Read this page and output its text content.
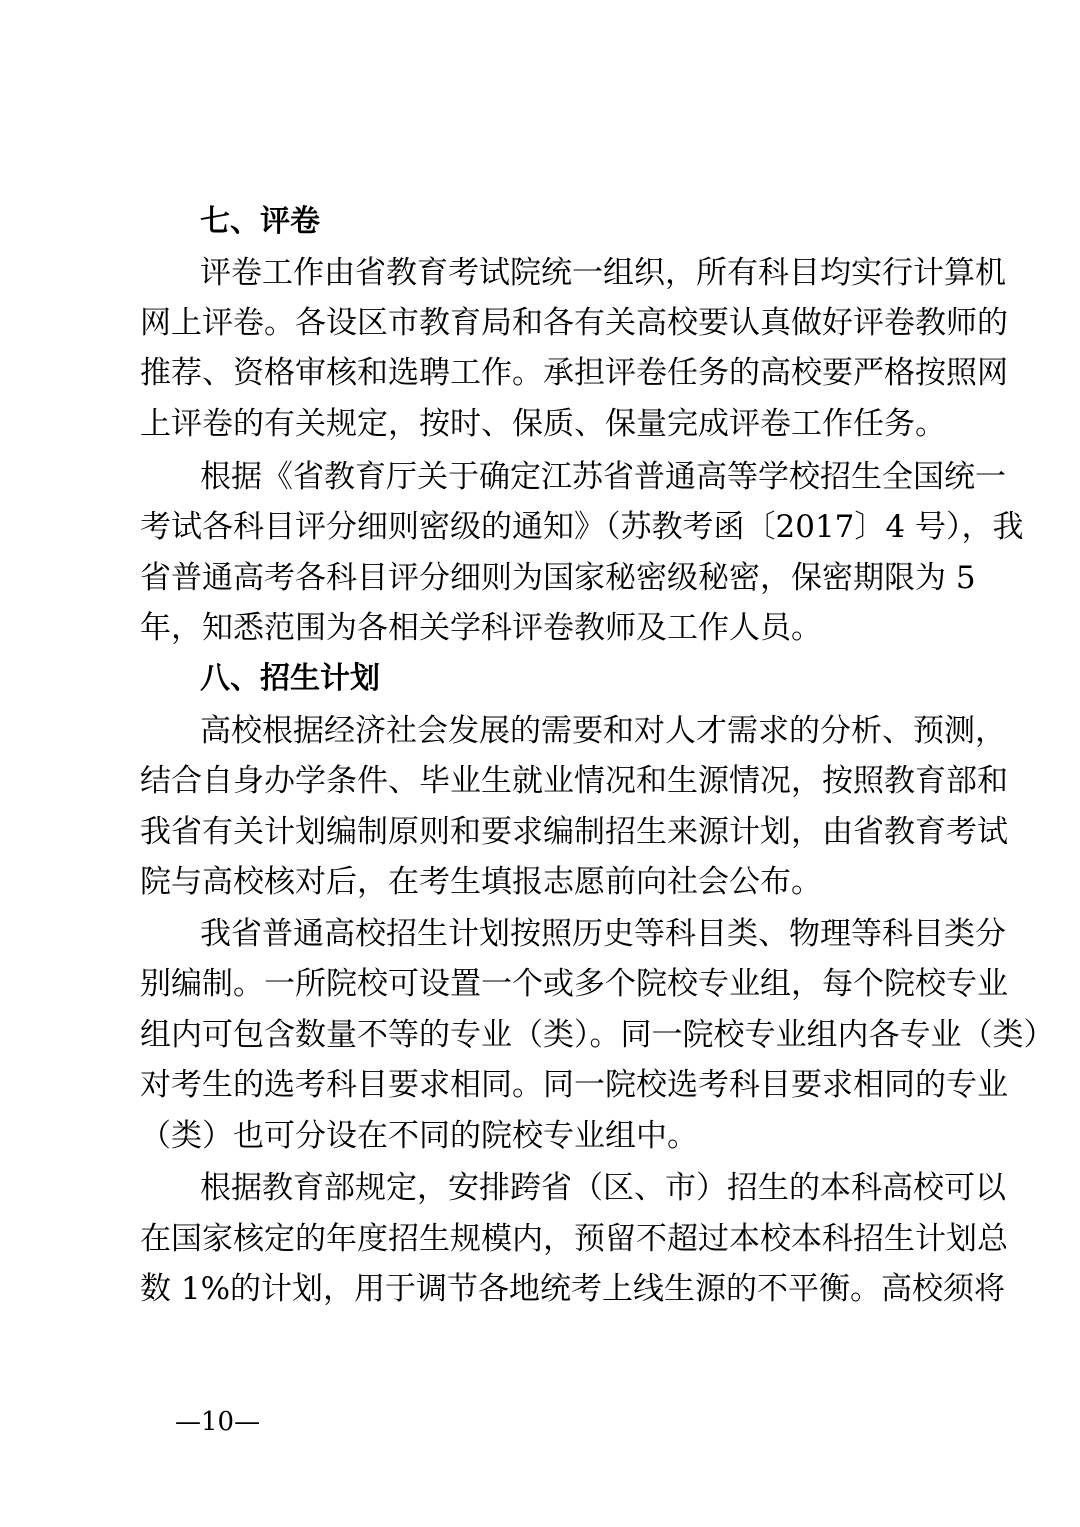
七、评卷
评卷工作由省教育考试院统一组织，所有科目均实行计算机
网上评卷。各设区市教育局和各有关高校要认真做好评卷教师的
推荐、资格审核和选聘工作。承担评卷任务的高校要严格按照网
上评卷的有关规定，按时、保质、保量完成评卷工作任务。
根据《省教育厅关于确定江苏省普通高等学校招生全国统一
考试各科目评分细则密级的通知》（苏教考函〔2017〕4 号），我
省普通高考各科目评分细则为国家秘密级秘密，保密期限为 5
年，知悉范围为各相关学科评卷教师及工作人员。
八、招生计划
高校根据经济社会发展的需要和对人才需求的分析、预测，
结合自身办学条件、毕业生就业情况和生源情况，按照教育部和
我省有关计划编制原则和要求编制招生来源计划，由省教育考试
院与高校核对后，在考生填报志愿前向社会公布。
我省普通高校招生计划按照历史等科目类、物理等科目类分
别编制。一所院校可设置一个或多个院校专业组，每个院校专业
组内可包含数量不等的专业（类）。同一院校专业组内各专业（类）
对考生的选考科目要求相同。同一院校选考科目要求相同的专业
（类）也可分设在不同的院校专业组中。
根据教育部规定，安排跨省（区、市）招生的本科高校可以
在国家核定的年度招生规模内，预留不超过本校本科招生计划总
数 1%的计划，用于调节各地统考上线生源的不平衡。高校须将
—10—
